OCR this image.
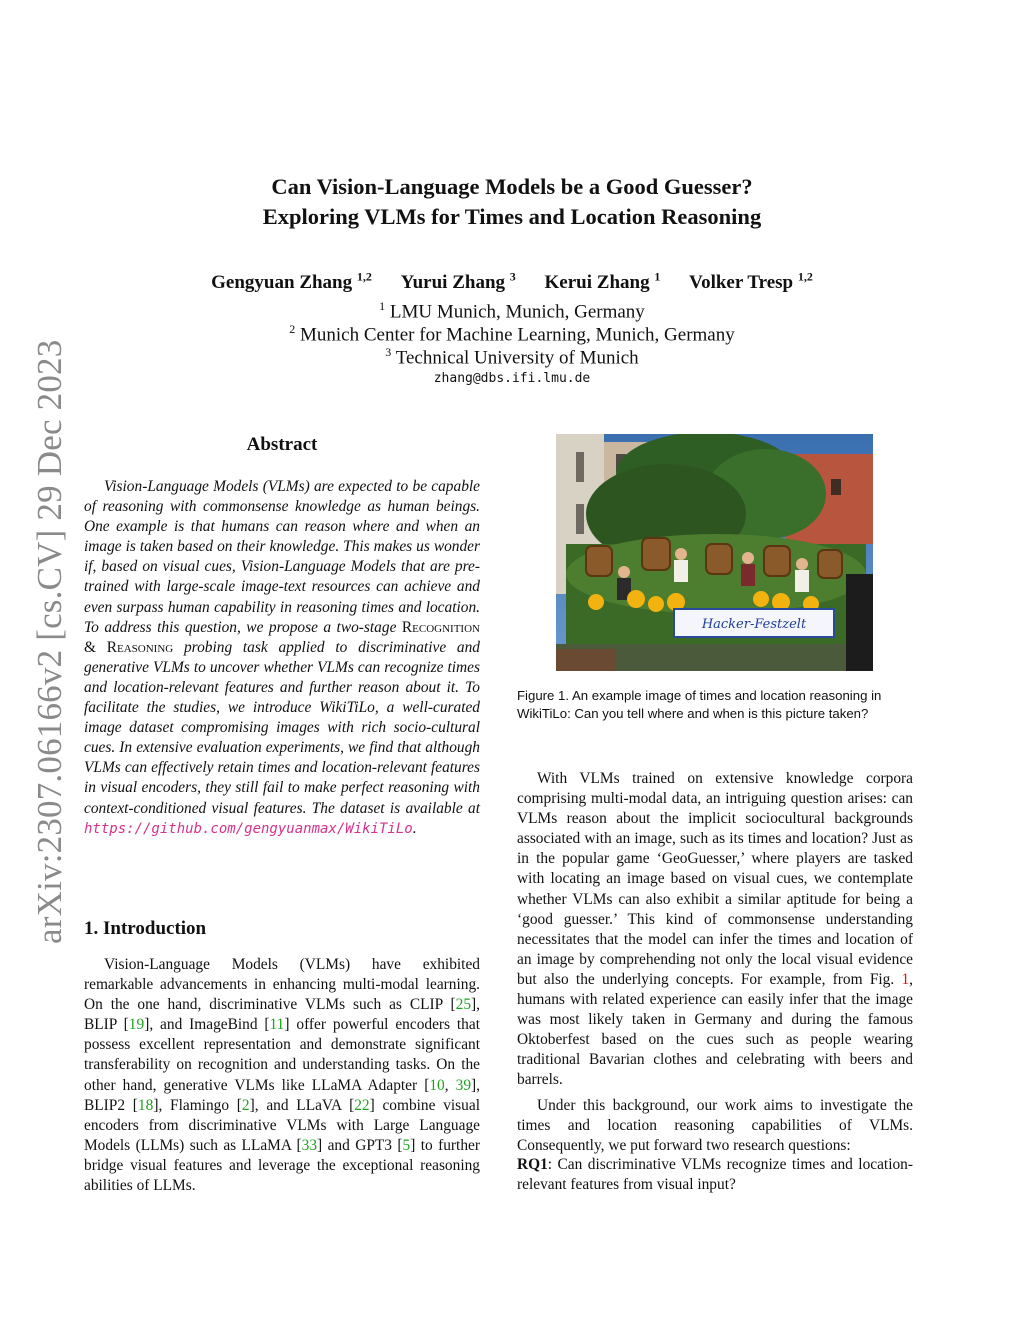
arXiv:2307.06166v2 [cs.CV] 29 Dec 2023
Can Vision-Language Models be a Good Guesser?
Exploring VLMs for Times and Location Reasoning
Gengyuan Zhang $^{1,2}$ Yurui Zhang $^3$ Kerui Zhang $^1$ Volker Tresp $^{1,2}$
$^1$ LMU Munich, Munich, Germany
$^2$ Munich Center for Machine Learning, Munich, Germany
$^3$ Technical University of Munich
zhang@dbs.ifi.lmu.de
Abstract
Vision-Language Models (VLMs) are expected to be capable of reasoning with commonsense knowledge as human beings. One example is that humans can reason where and when an image is taken based on their knowledge. This makes us wonder if, based on visual cues, Vision-Language Models that are pre-trained with large-scale image-text resources can achieve and even surpass human capability in reasoning times and location. To address this question, we propose a two-stage Recognition & Reasoning probing task applied to discriminative and generative VLMs to uncover whether VLMs can recognize times and location-relevant features and further reason about it. To facilitate the studies, we introduce WikiTiLo, a well-curated image dataset compromising images with rich socio-cultural cues. In extensive evaluation experiments, we find that although VLMs can effectively retain times and location-relevant features in visual encoders, they still fail to make perfect reasoning with context-conditioned visual features. The dataset is available at https://github.com/gengyuanmax/WikiTiLo.
1. Introduction
Vision-Language Models (VLMs) have exhibited remarkable advancements in enhancing multi-modal learning. On the one hand, discriminative VLMs such as CLIP [25], BLIP [19], and ImageBind [11] offer powerful encoders that possess excellent representation and demonstrate significant transferability on recognition and understanding tasks. On the other hand, generative VLMs like LLaMA Adapter [10, 39], BLIP2 [18], Flamingo [2], and LLaVA [22] combine visual encoders from discriminative VLMs with Large Language Models (LLMs) such as LLaMA [33] and GPT3 [5] to further bridge visual features and leverage the exceptional reasoning abilities of LLMs.
Hacker-Festzelt
Figure 1. An example image of times and location reasoning in WikiTiLo: Can you tell where and when is this picture taken?
With VLMs trained on extensive knowledge corpora comprising multi-modal data, an intriguing question arises: can VLMs reason about the implicit sociocultural backgrounds associated with an image, such as its times and location? Just as in the popular game ‘GeoGuesser,’ where players are tasked with locating an image based on visual cues, we contemplate whether VLMs can also exhibit a similar aptitude for being a ‘good guesser.’ This kind of commonsense understanding necessitates that the model can infer the times and location of an image by comprehending not only the local visual evidence but also the underlying concepts. For example, from Fig. 1, humans with related experience can easily infer that the image was most likely taken in Germany and during the famous Oktoberfest based on the cues such as people wearing traditional Bavarian clothes and celebrating with beers and barrels.
Under this background, our work aims to investigate the times and location reasoning capabilities of VLMs. Consequently, we put forward two research questions:
RQ1: Can discriminative VLMs recognize times and location-relevant features from visual input?
